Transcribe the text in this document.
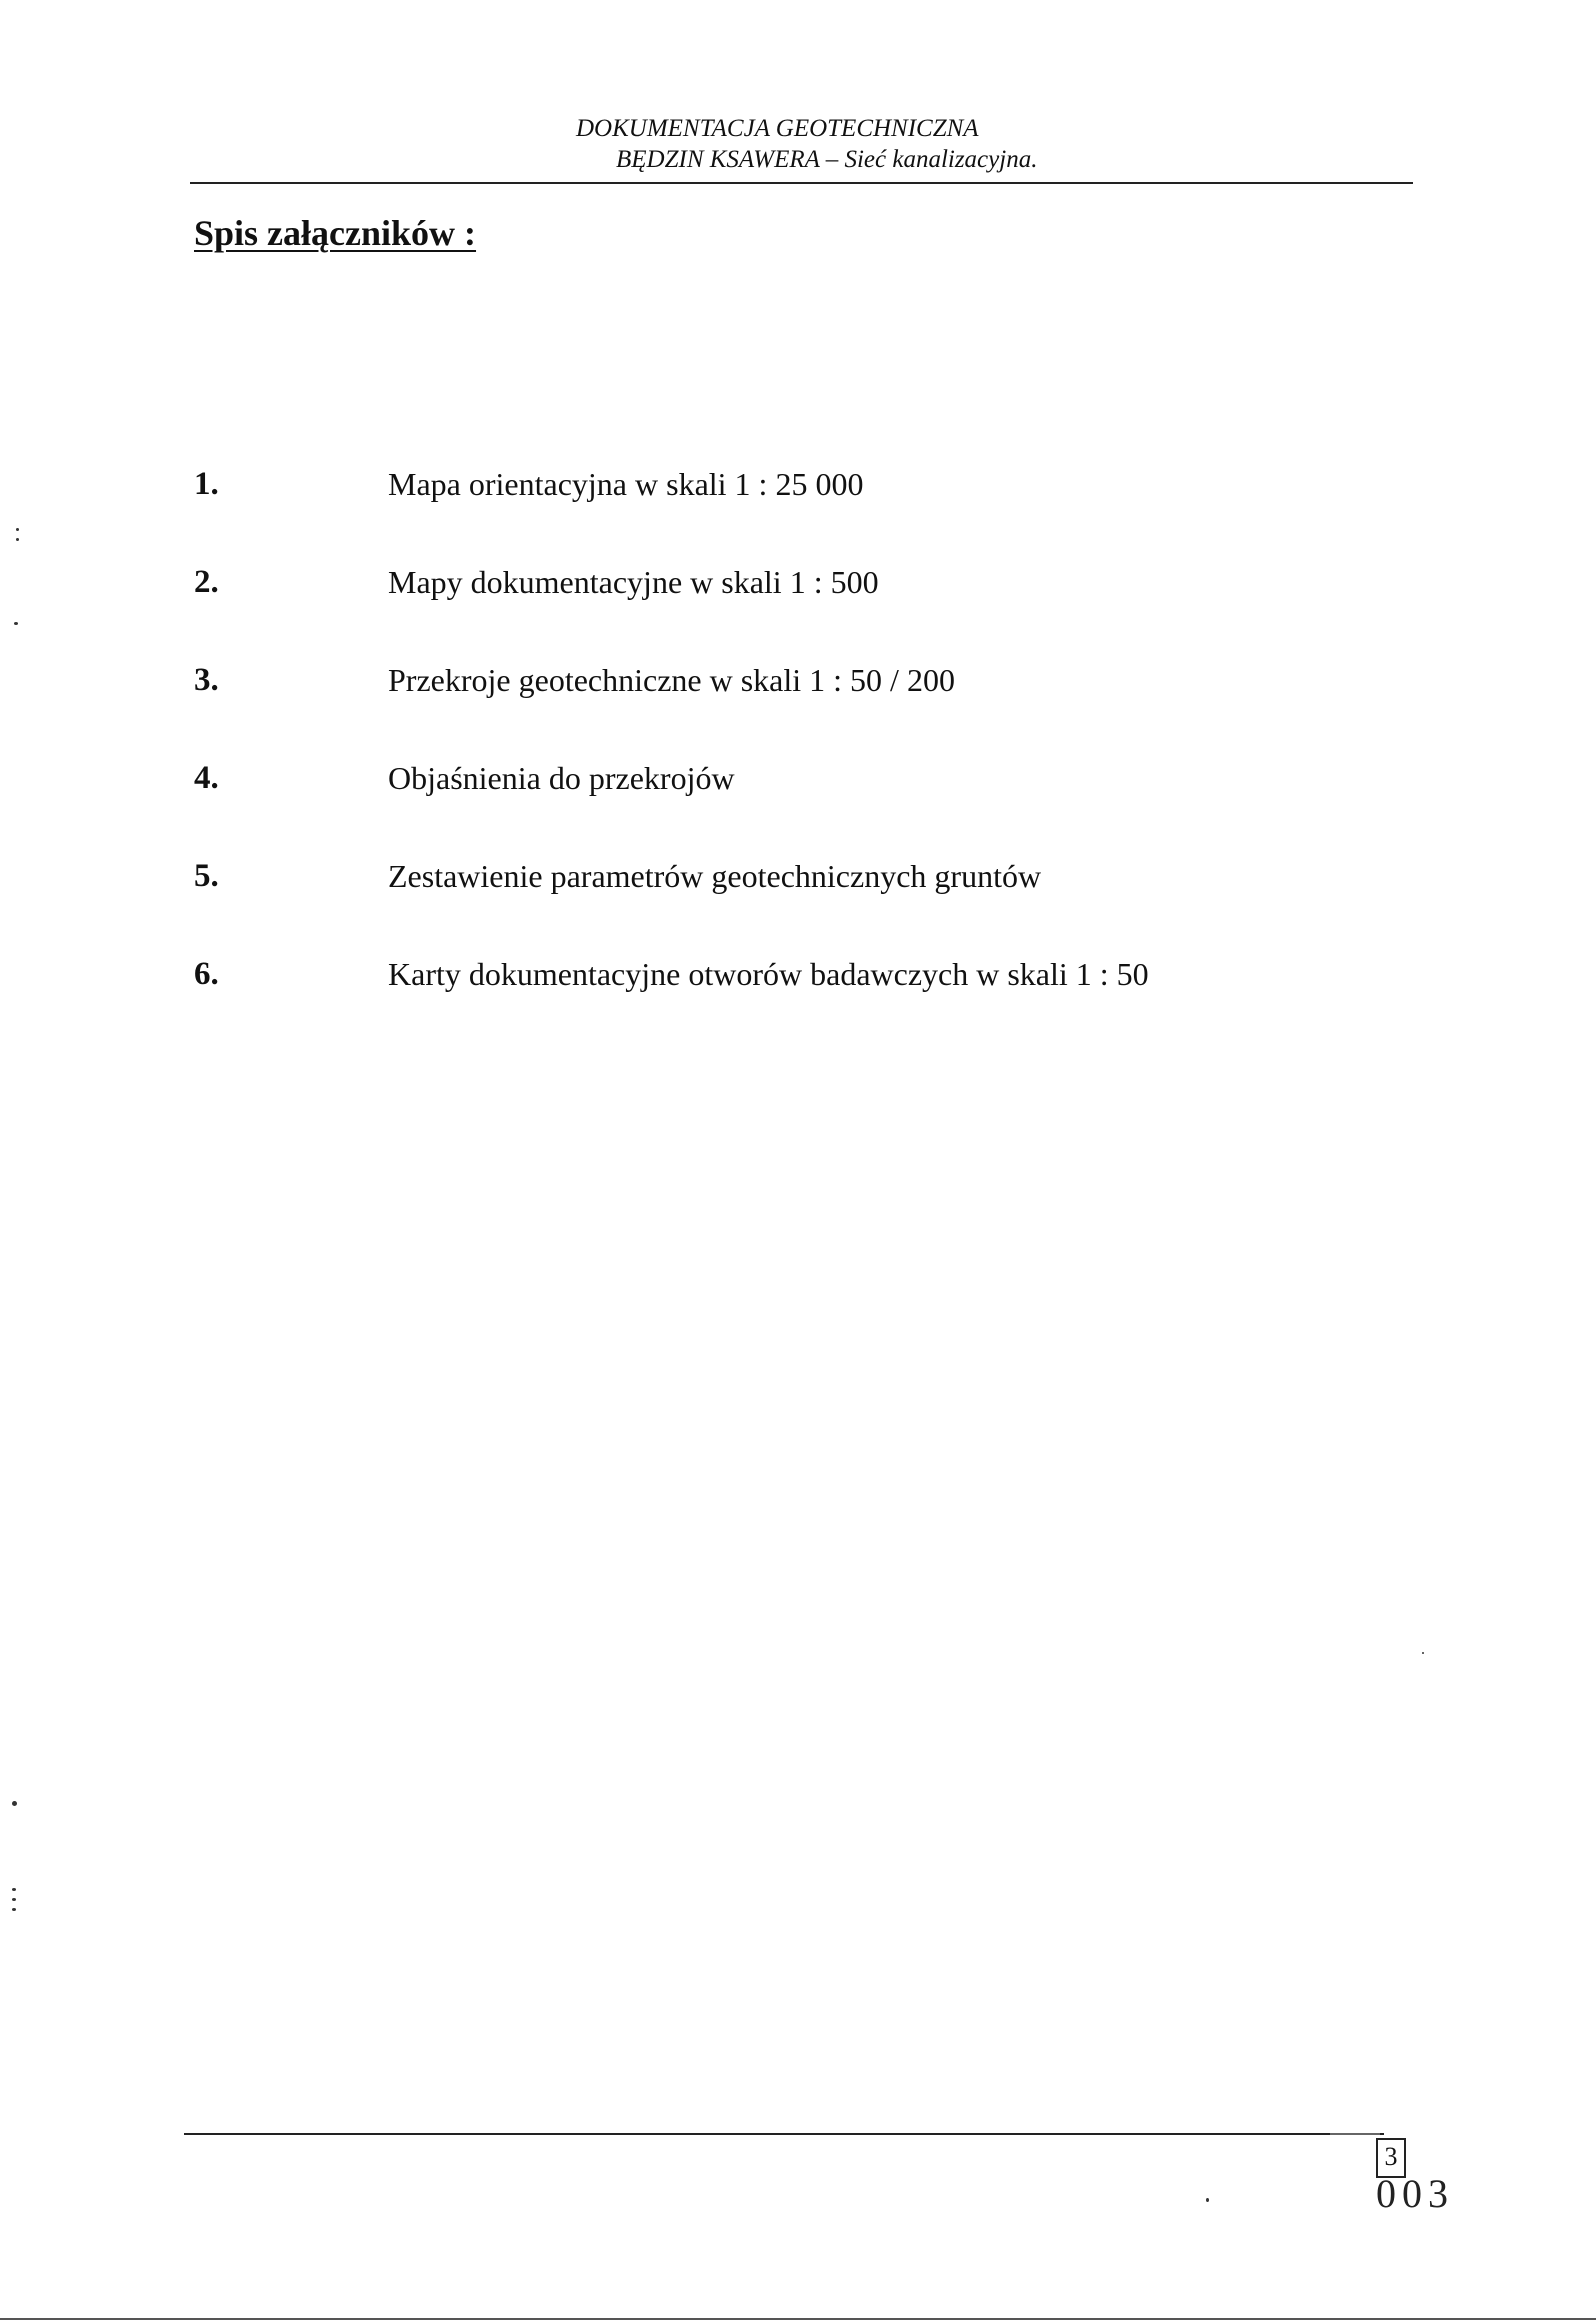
DOKUMENTACJA GEOTECHNICZNA
BĘDZIN KSAWERA – Sieć kanalizacyjna.
Spis załączników :
1.	Mapa orientacyjna w skali 1 : 25 000
2.	Mapy dokumentacyjne w skali 1 : 500
3.	Przekroje geotechniczne w skali 1 : 50 / 200
4.	Objaśnienia do przekrojów
5.	Zestawienie parametrów geotechnicznych gruntów
6.	Karty dokumentacyjne otworów badawczych w skali 1 : 50
3
003
